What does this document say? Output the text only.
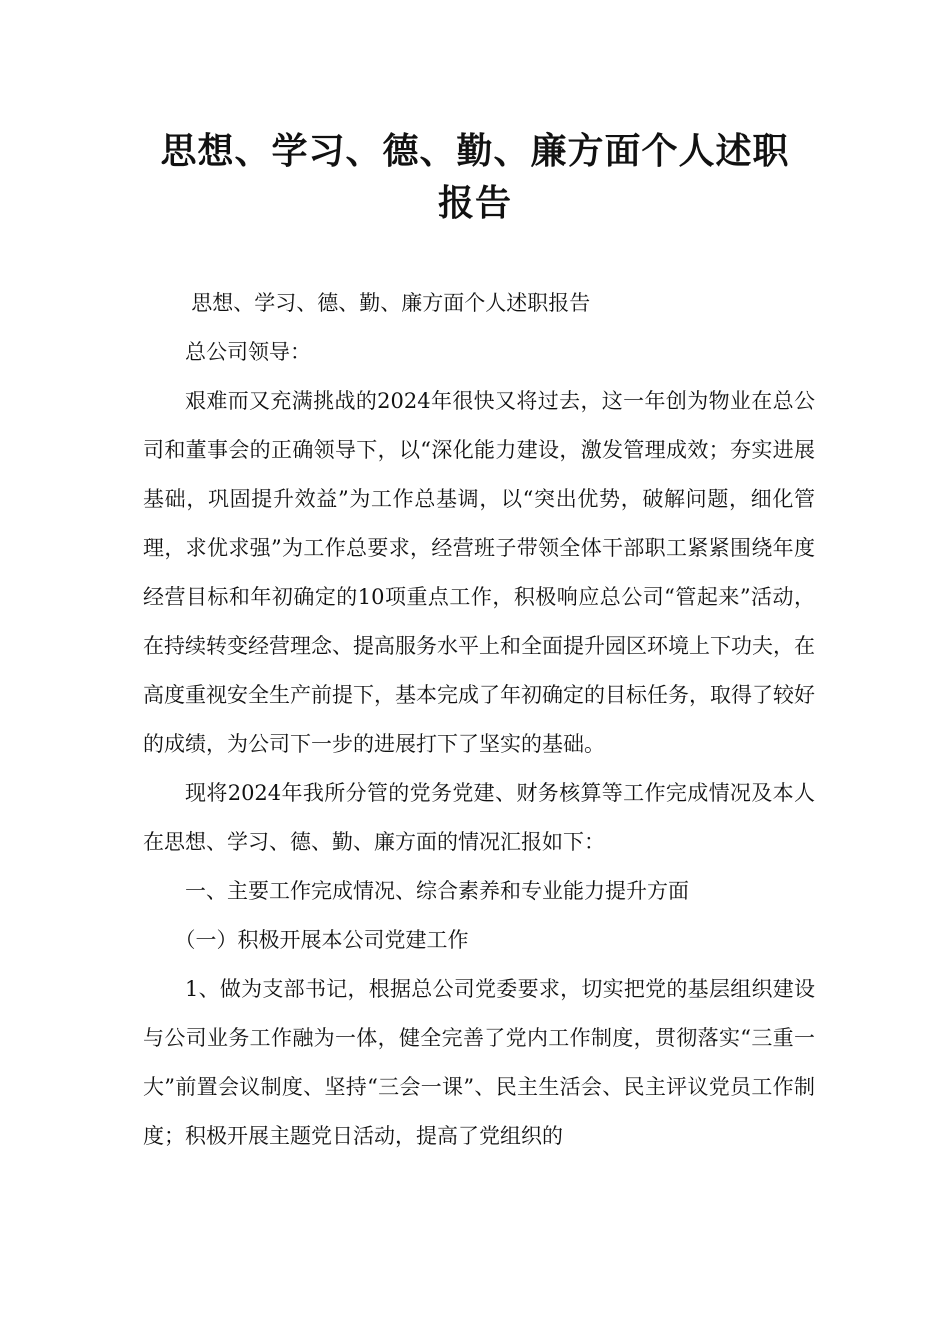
思想、学习、德、勤、廉方面个人述职
报告

思想、学习、德、勤、廉方面个人述职报告

总公司领导：

艰难而又充满挑战的2024年很快又将过去，这一年创为物业在总公司和董事会的正确领导下，以“深化能力建设，激发管理成效；夯实进展基础，巩固提升效益”为工作总基调，以“突出优势，破解问题，细化管理，求优求强”为工作总要求，经营班子带领全体干部职工紧紧围绕年度经营目标和年初确定的10项重点工作，积极响应总公司“管起来”活动，在持续转变经营理念、提高服务水平上和全面提升园区环境上下功夫，在高度重视安全生产前提下，基本完成了年初确定的目标任务，取得了较好的成绩，为公司下一步的进展打下了坚实的基础。

现将2024年我所分管的党务党建、财务核算等工作完成情况及本人在思想、学习、德、勤、廉方面的情况汇报如下：

一、主要工作完成情况、综合素养和专业能力提升方面

（一）积极开展本公司党建工作

1、做为支部书记，根据总公司党委要求，切实把党的基层组织建设与公司业务工作融为一体，健全完善了党内工作制度，贯彻落实“三重一大”前置会议制度、坚持“三会一课”、民主生活会、民主评议党员工作制度；积极开展主题党日活动，提高了党组织的
